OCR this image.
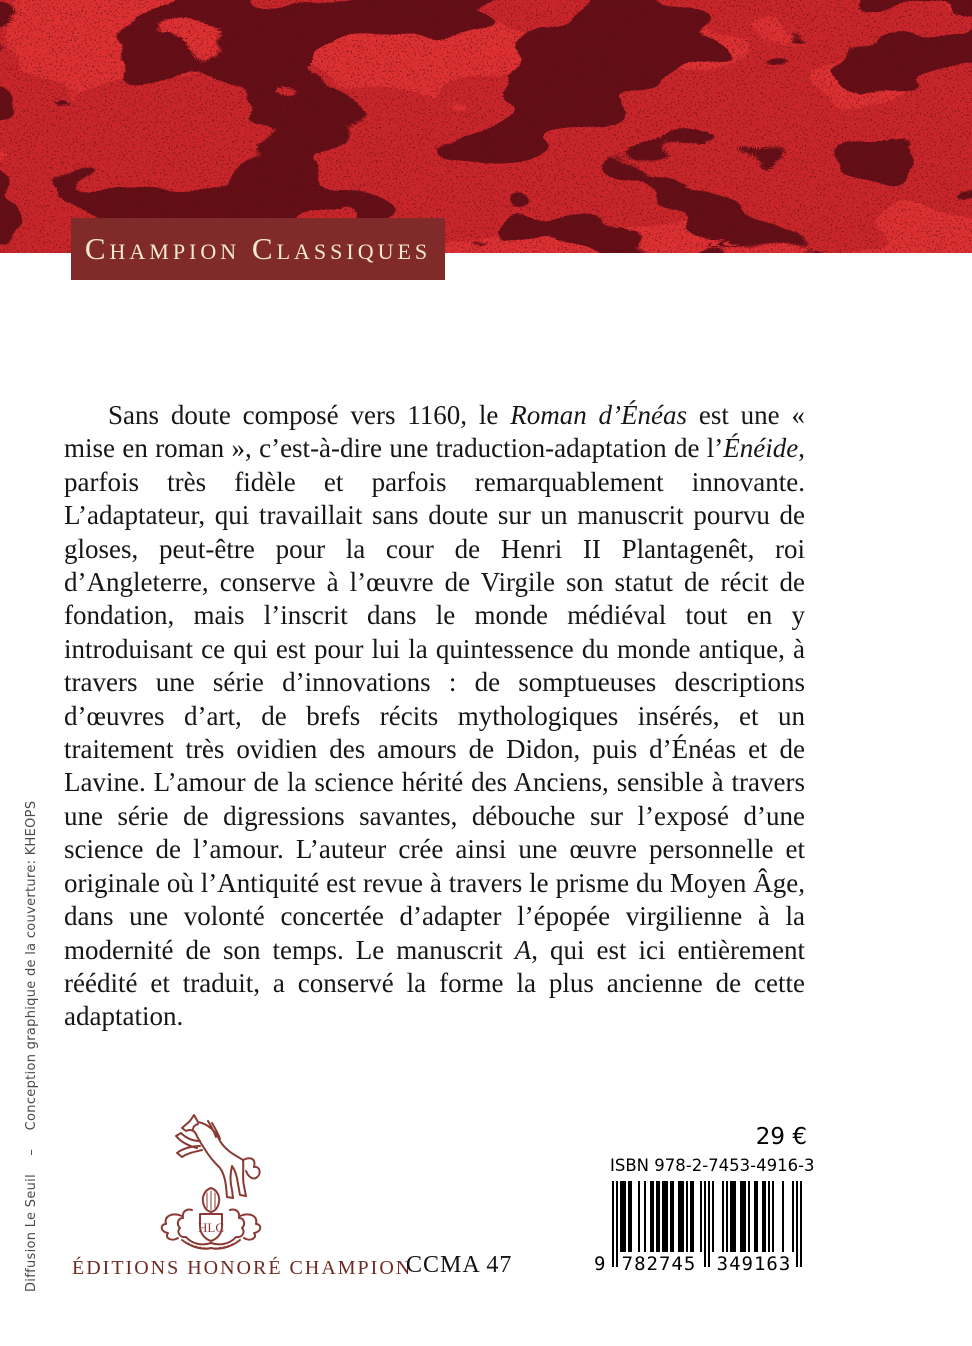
Champion Classiques

Sans doute composé vers 1160, le Roman d’Énéas est une « mise en roman », c’est-à-dire une traduction-adaptation de l’Énéide, parfois très fidèle et parfois remarquablement innovante. L’adaptateur, qui travaillait sans doute sur un manuscrit pourvu de gloses, peut-être pour la cour de Henri II Plantagenêt, roi d’Angleterre, conserve à l’œuvre de Virgile son statut de récit de fondation, mais l’inscrit dans le monde médiéval tout en y introduisant ce qui est pour lui la quintessence du monde antique, à travers une série d’innovations : de somptueuses descriptions d’œuvres d’art, de brefs récits mythologiques insérés, et un traitement très ovidien des amours de Didon, puis d’Énéas et de Lavine. L’amour de la science hérité des Anciens, sensible à travers une série de digressions savantes, débouche sur l’exposé d’une science de l’amour. L’auteur crée ainsi une œuvre personnelle et originale où l’Antiquité est revue à travers le prisme du Moyen Âge, dans une volonté concertée d’adapter l’épopée virgilienne à la modernité de son temps. Le manuscrit A, qui est ici entièrement réédité et traduit, a conservé la forme la plus ancienne de cette adaptation.

Diffusion Le Seuil – Conception graphique de la couverture: KHEOPS
HLC
ÉDITIONS HONORÉ CHAMPION
CCMA 47
29 €
ISBN 978-2-7453-4916-3
9 782745 349163
